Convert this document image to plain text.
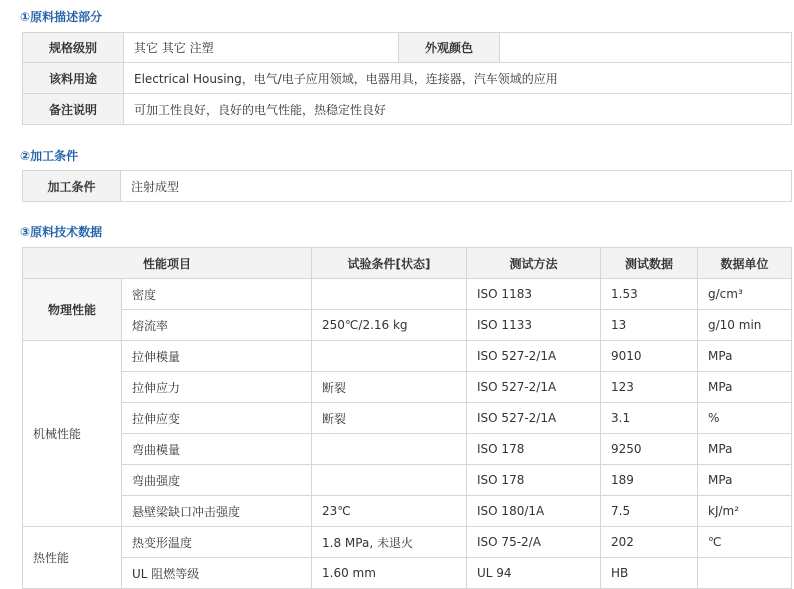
①原料描述部分
规格级别	其它 其它 注塑	外观颜色	
该料用途	Electrical Housing，电气/电子应用领域，电器用具，连接器，汽车领域的应用		
备注说明	可加工性良好，良好的电气性能，热稳定性良好		
②加工条件
加工条件	注射成型
③原料技术数据
性能项目		试验条件[状态]	测试方法	测试数据	数据单位
物理性能	密度		ISO 1183	1.53	g/cm³
	熔流率	250℃/2.16 kg	ISO 1133	13	g/10 min
机械性能	拉伸模量		ISO 527-2/1A	9010	MPa
	拉伸应力	断裂	ISO 527-2/1A	123	MPa
	拉伸应变	断裂	ISO 527-2/1A	3.1	%
	弯曲模量		ISO 178	9250	MPa
	弯曲强度		ISO 178	189	MPa
	悬壁梁缺口冲击强度	23℃	ISO 180/1A	7.5	kJ/m²
热性能	热变形温度	1.8 MPa, 未退火	ISO 75-2/A	202	℃
	UL 阻燃等级	1.60 mm	UL 94	HB	
